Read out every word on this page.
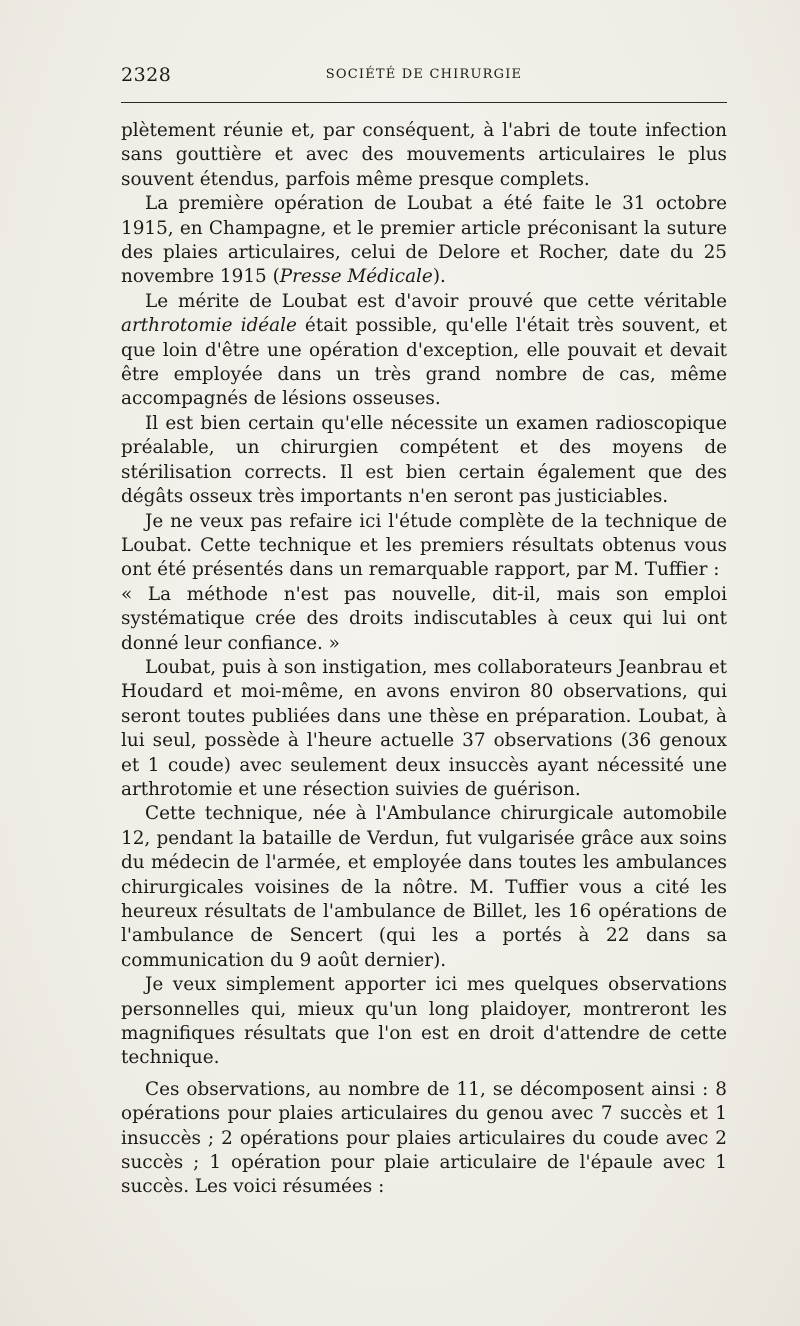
2328	SOCIÉTÉ DE CHIRURGIE

plètement réunie et, par conséquent, à l'abri de toute infection sans gouttière et avec des mouvements articulaires le plus souvent étendus, parfois même presque complets.

La première opération de Loubat a été faite le 31 octobre 1915, en Champagne, et le premier article préconisant la suture des plaies articulaires, celui de Delore et Rocher, date du 25 novembre 1915 (Presse Médicale).

Le mérite de Loubat est d'avoir prouvé que cette véritable arthrotomie idéale était possible, qu'elle l'était très souvent, et que loin d'être une opération d'exception, elle pouvait et devait être employée dans un très grand nombre de cas, même accompagnés de lésions osseuses.

Il est bien certain qu'elle nécessite un examen radioscopique préalable, un chirurgien compétent et des moyens de stérilisation corrects. Il est bien certain également que des dégâts osseux très importants n'en seront pas justiciables.

Je ne veux pas refaire ici l'étude complète de la technique de Loubat. Cette technique et les premiers résultats obtenus vous ont été présentés dans un remarquable rapport, par M. Tuffier :

« La méthode n'est pas nouvelle, dit-il, mais son emploi systématique crée des droits indiscutables à ceux qui lui ont donné leur confiance. »

Loubat, puis à son instigation, mes collaborateurs Jeanbrau et Houdard et moi-même, en avons environ 80 observations, qui seront toutes publiées dans une thèse en préparation. Loubat, à lui seul, possède à l'heure actuelle 37 observations (36 genoux et 1 coude) avec seulement deux insuccès ayant nécessité une arthrotomie et une résection suivies de guérison.

Cette technique, née à l'Ambulance chirurgicale automobile 12, pendant la bataille de Verdun, fut vulgarisée grâce aux soins du médecin de l'armée, et employée dans toutes les ambulances chirurgicales voisines de la nôtre. M. Tuffier vous a cité les heureux résultats de l'ambulance de Billet, les 16 opérations de l'ambulance de Sencert (qui les a portés à 22 dans sa communication du 9 août dernier).

Je veux simplement apporter ici mes quelques observations personnelles qui, mieux qu'un long plaidoyer, montreront les magnifiques résultats que l'on est en droit d'attendre de cette technique.

Ces observations, au nombre de 11, se décomposent ainsi : 8 opérations pour plaies articulaires du genou avec 7 succès et 1 insuccès ; 2 opérations pour plaies articulaires du coude avec 2 succès ; 1 opération pour plaie articulaire de l'épaule avec 1 succès. Les voici résumées :
